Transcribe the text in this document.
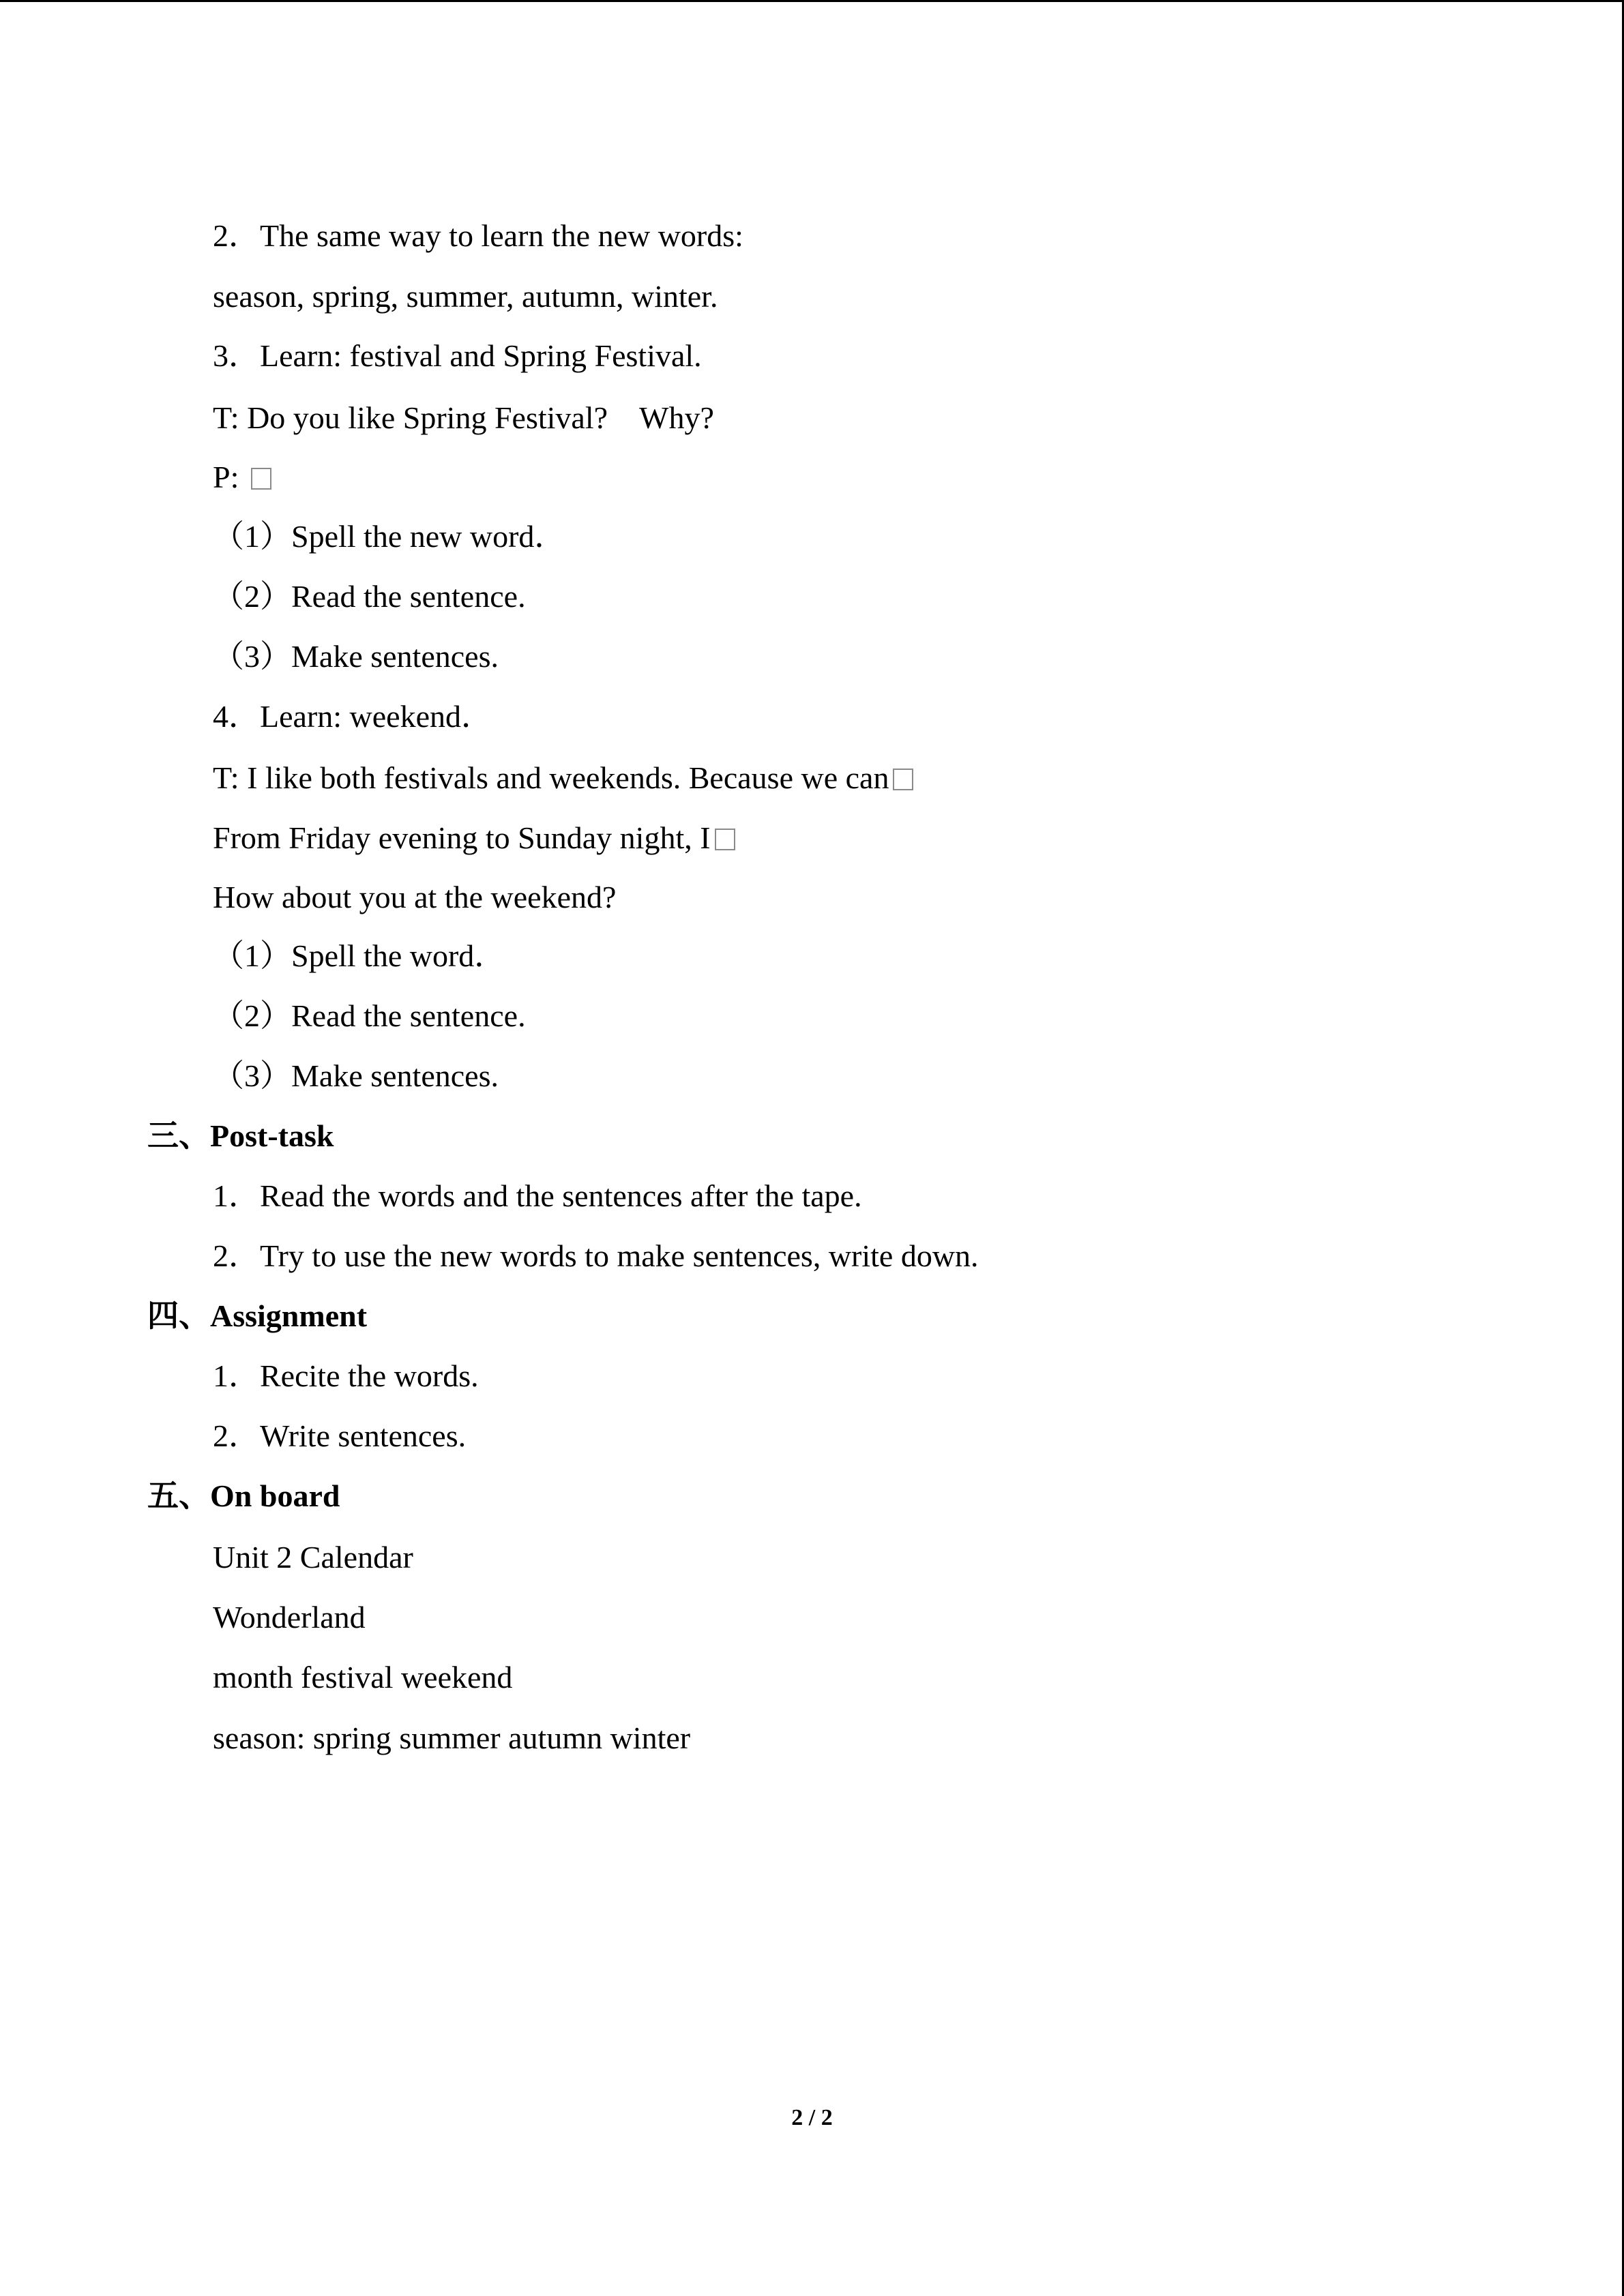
2．The same way to learn the new words:
season, spring, summer, autumn, winter.
3．Learn: festival and Spring Festival.
T: Do you like Spring Festival?　Why?
P:
（1）Spell the new word．
（2）Read the sentence.
（3）Make sentences.
4．Learn: weekend．
T: I like both festivals and weekends. Because we can
From Friday evening to Sunday night, I
How about you at the weekend?
（1）Spell the word．
（2）Read the sentence.
（3）Make sentences.
三、Post-task
1．Read the words and the sentences after the tape.
2．Try to use the new words to make sentences, write down.
四、Assignment
1．Recite the words.
2．Write sentences.
五、On board
Unit 2 Calendar
Wonderland
month festival weekend
season: spring summer autumn winter
2 / 2
